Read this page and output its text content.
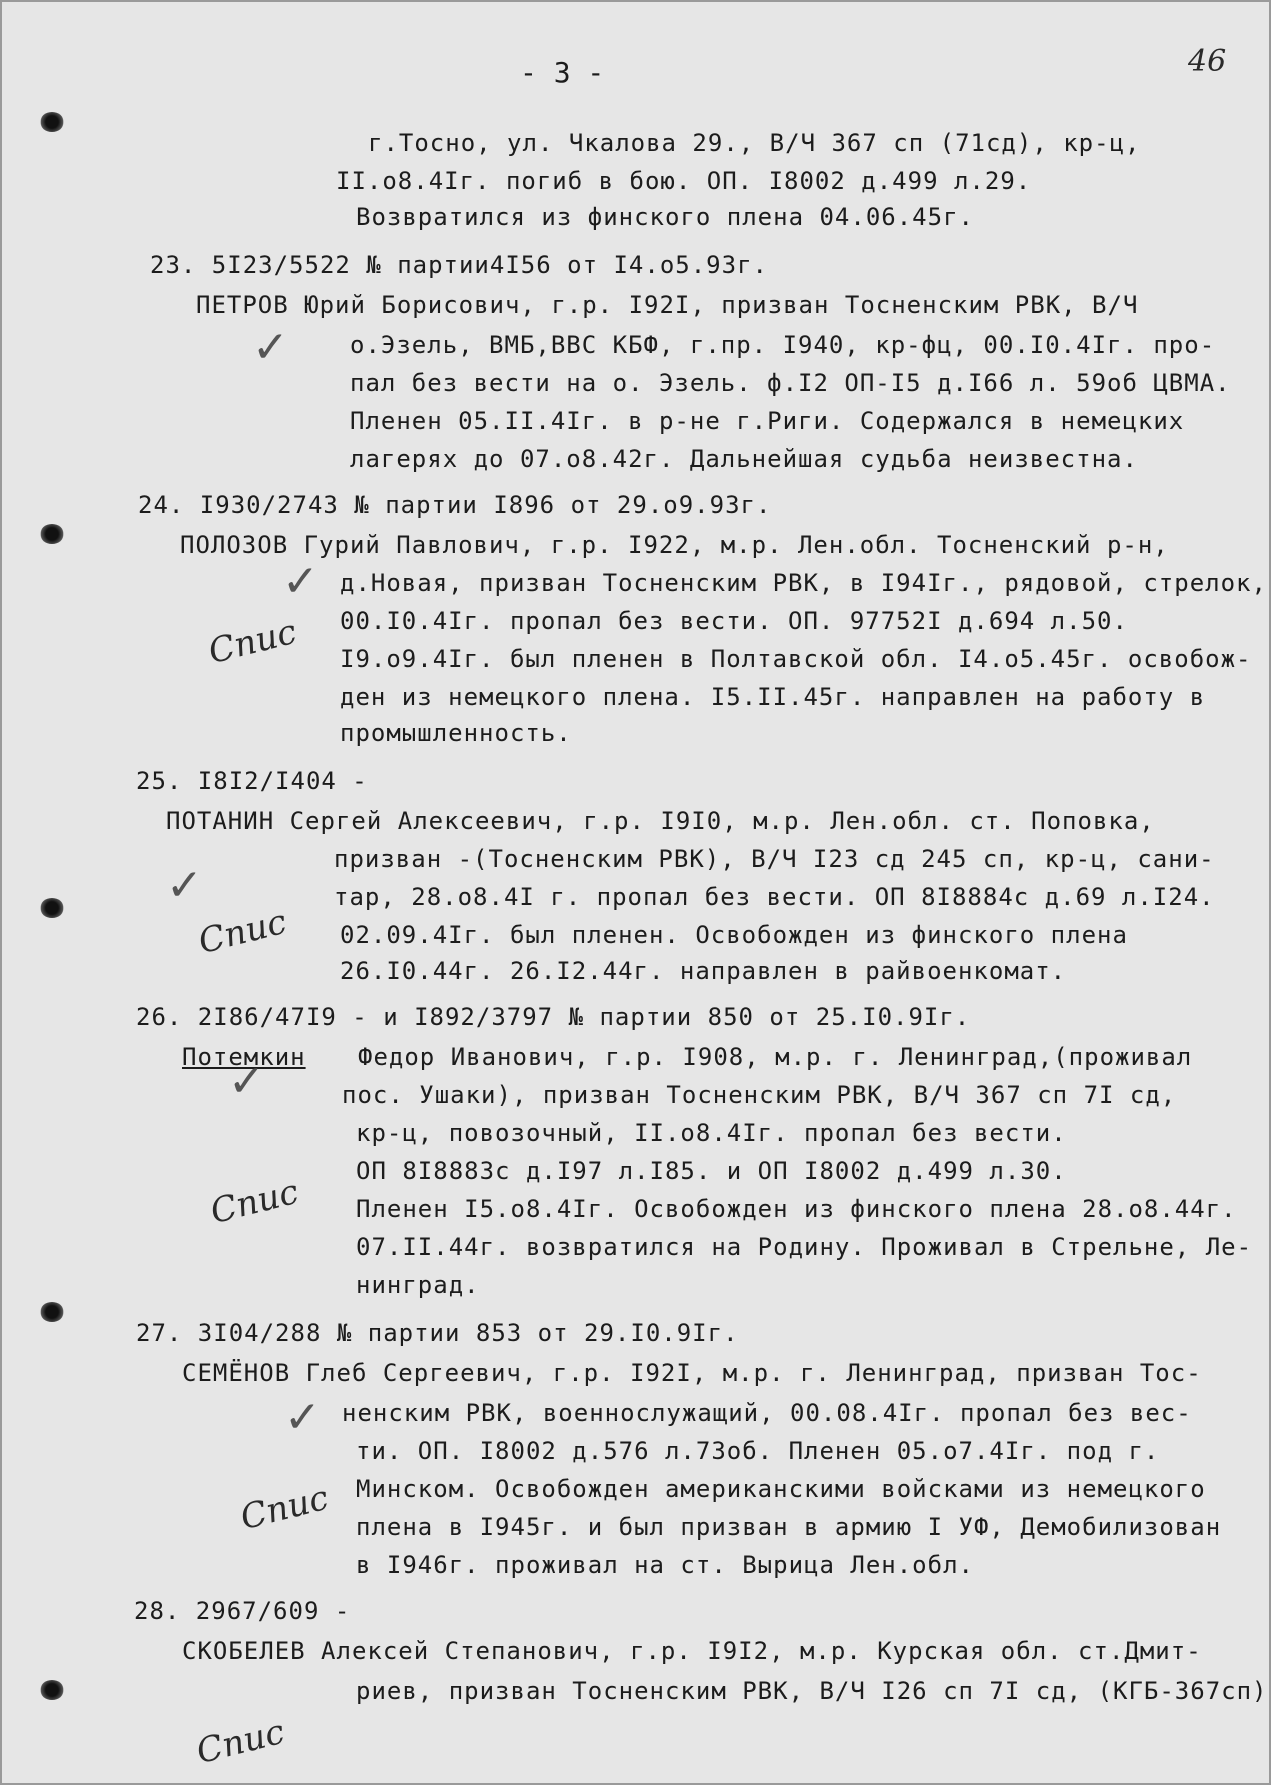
- 3 -	46
г.Тосно, ул. Чкалова 29., В/Ч 367 сп (71сд), кр-ц,
II.о8.4Iг. погиб в бою. ОП. I8002 д.499 л.29.
Возвратился из финского плена 04.06.45г.
23. 5I23/5522 № партии4I56 от I4.о5.93г.
ПЕТРОВ Юрий Борисович, г.р. I92I, призван Тосненским РВК, В/Ч
о.Эзель, ВМБ,ВВС КБФ, г.пр. I940, кр-фц, 00.I0.4Iг. про-
пал без вести на о. Эзель. ф.I2 ОП-I5 д.I66 л. 59об ЦВМА.
Пленен 05.II.4Iг. в р-не г.Риги. Содержался в немецких
лагерях до 07.о8.42г. Дальнейшая судьба неизвестна.
24. I930/2743 № партии I896 от 29.о9.93г.
ПОЛОЗОВ Гурий Павлович, г.р. I922, м.р. Лен.обл. Тосненский р-н,
д.Новая, призван Тосненским РВК, в I94Iг., рядовой, стрелок,
00.I0.4Iг. пропал без вести. ОП. 97752I д.694 л.50.
I9.о9.4Iг. был пленен в Полтавской обл. I4.о5.45г. освобож-
ден из немецкого плена. I5.II.45г. направлен на работу в
промышленность.
25. I8I2/I404 -
ПОТАНИН Сергей Алексеевич, г.р. I9I0, м.р. Лен.обл. ст. Поповка,
призван -(Тосненским РВК), В/Ч I23 сд 245 сп, кр-ц, сани-
тар, 28.о8.4I г. пропал без вести. ОП 8I8884с д.69 л.I24.
02.09.4Iг. был пленен. Освобожден из финского плена
26.I0.44г. 26.I2.44г. направлен в райвоенкомат.
26. 2I86/47I9 - и I892/3797 № партии 850 от 25.I0.9Iг.
Потемкин Федор Иванович, г.р. I908, м.р. г. Ленинград,(проживал
пос. Ушаки), призван Тосненским РВК, В/Ч 367 сп 7I сд,
кр-ц, повозочный, II.о8.4Iг. пропал без вести.
ОП 8I8883с д.I97 л.I85. и ОП I8002 д.499 л.30.
Пленен I5.о8.4Iг. Освобожден из финского плена 28.о8.44г.
07.II.44г. возвратился на Родину. Проживал в Стрельне, Ле-
нинград.
27. 3I04/288 № партии 853 от 29.I0.9Iг.
СЕМЁНОВ Глеб Сергеевич, г.р. I92I, м.р. г. Ленинград, призван Тос-
ненским РВК, военнослужащий, 00.08.4Iг. пропал без вес-
ти. ОП. I8002 д.576 л.73об. Пленен 05.о7.4Iг. под г.
Минском. Освобожден американскими войсками из немецкого
плена в I945г. и был призван в армию I УФ, Демобилизован
в I946г. проживал на ст. Вырица Лен.обл.
28. 2967/609 -
СКОБЕЛЕВ Алексей Степанович, г.р. I9I2, м.р. Курская обл. ст.Дмит-
риев, призван Тосненским РВК, В/Ч I26 сп 7I сд, (КГБ-367сп)
Спис
Спис
Спис
Спис
Спис
✓
✓
✓
✓
✓
